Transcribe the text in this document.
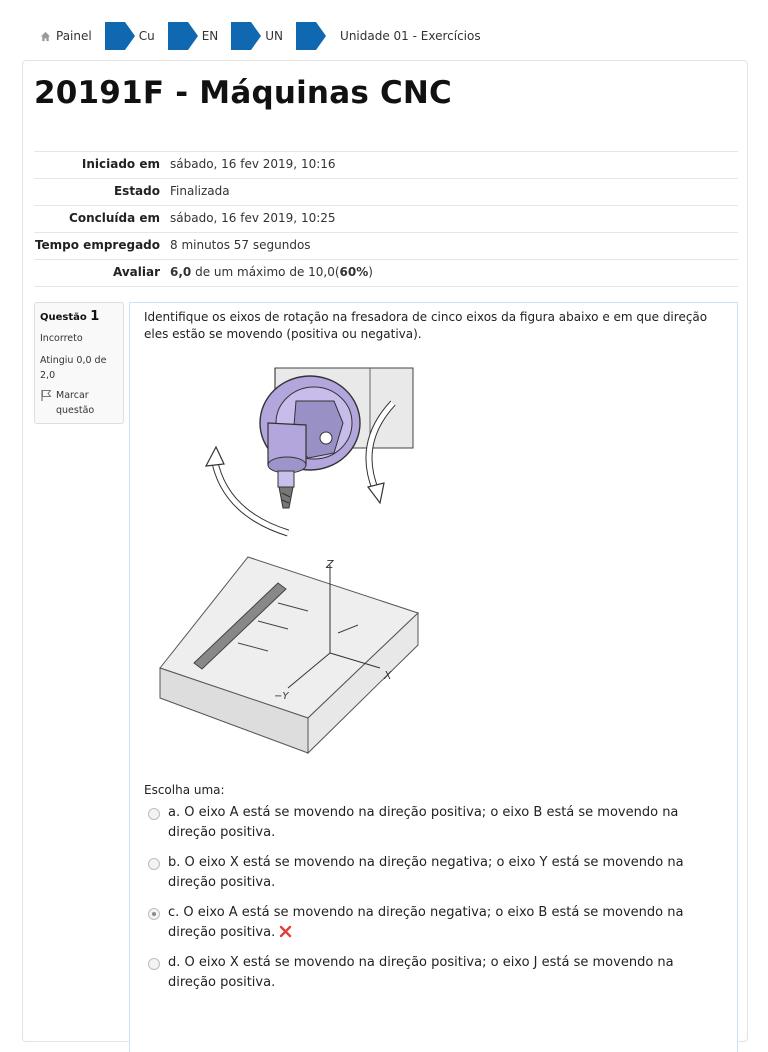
Painel	Cu	EN	UN	Unidade 01 - Exercícios
20191F - Máquinas CNC
Iniciado em	sábado, 16 fev 2019, 10:16
Estado	Finalizada
Concluída em	sábado, 16 fev 2019, 10:25
Tempo empregado	8 minutos 57 segundos
Avaliar	6,0 de um máximo de 10,0(60%)
Questão 1
Incorreto
Atingiu 0,0 de 2,0
Marcar questão
Identifique os eixos de rotação na fresadora de cinco eixos da figura abaixo e em que direção eles estão se movendo (positiva ou negativa).
Z
X
−Y
Escolha uma:
a. O eixo A está se movendo na direção positiva; o eixo B está se movendo na direção positiva.
b. O eixo X está se movendo na direção negativa; o eixo Y está se movendo na direção positiva.
c. O eixo A está se movendo na direção negativa; o eixo B está se movendo na direção positiva.
d. O eixo X está se movendo na direção positiva; o eixo J está se movendo na direção positiva.
